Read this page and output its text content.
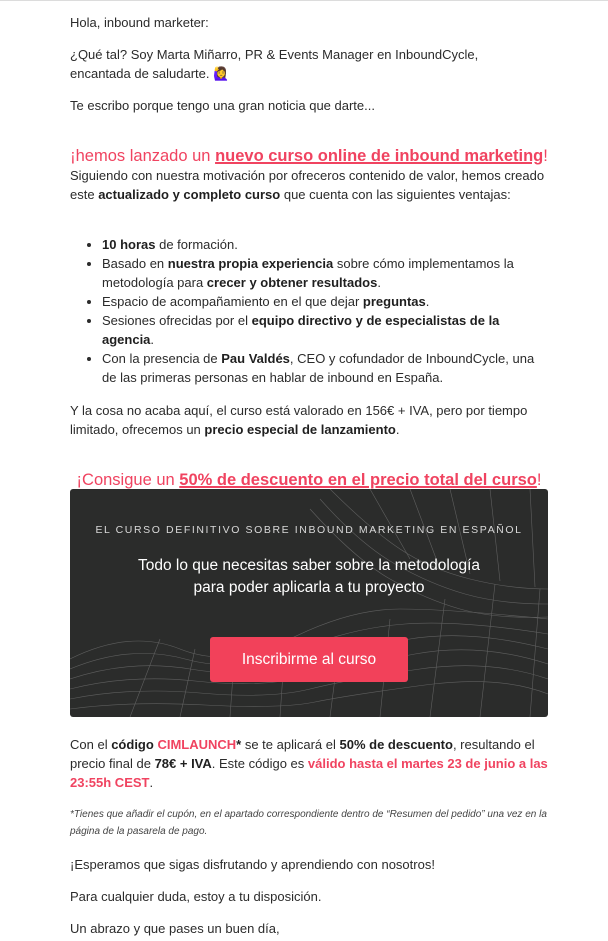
Hola, inbound marketer:

¿Qué tal? Soy Marta Miñarro, PR & Events Manager en InboundCycle,
encantada de saludarte. 🙋‍♀️

Te escribo porque tengo una gran noticia que darte...

¡hemos lanzado un nuevo curso online de inbound marketing!

Siguiendo con nuestra motivación por ofreceros contenido de valor, hemos creado este actualizado y completo curso que cuenta con las siguientes ventajas:

• 10 horas de formación.
• Basado en nuestra propia experiencia sobre cómo implementamos la metodología para crecer y obtener resultados.
• Espacio de acompañamiento en el que dejar preguntas.
• Sesiones ofrecidas por el equipo directivo y de especialistas de la agencia.
• Con la presencia de Pau Valdés, CEO y cofundador de InboundCycle, una de las primeras personas en hablar de inbound en España.

Y la cosa no acaba aquí, el curso está valorado en 156€ + IVA, pero por tiempo limitado, ofrecemos un precio especial de lanzamiento.

¡Consigue un 50% de descuento en el precio total del curso!

EL CURSO DEFINITIVO SOBRE INBOUND MARKETING EN ESPAÑOL
Todo lo que necesitas saber sobre la metodología
para poder aplicarla a tu proyecto
Inscribirme al curso

Con el código CIMLAUNCH* se te aplicará el 50% de descuento, resultando el precio final de 78€ + IVA. Este código es válido hasta el martes 23 de junio a las 23:55h CEST.

*Tienes que añadir el cupón, en el apartado correspondiente dentro de “Resumen del pedido” una vez en la página de la pasarela de pago.

¡Esperamos que sigas disfrutando y aprendiendo con nosotros!

Para cualquier duda, estoy a tu disposición.

Un abrazo y que pases un buen día,
